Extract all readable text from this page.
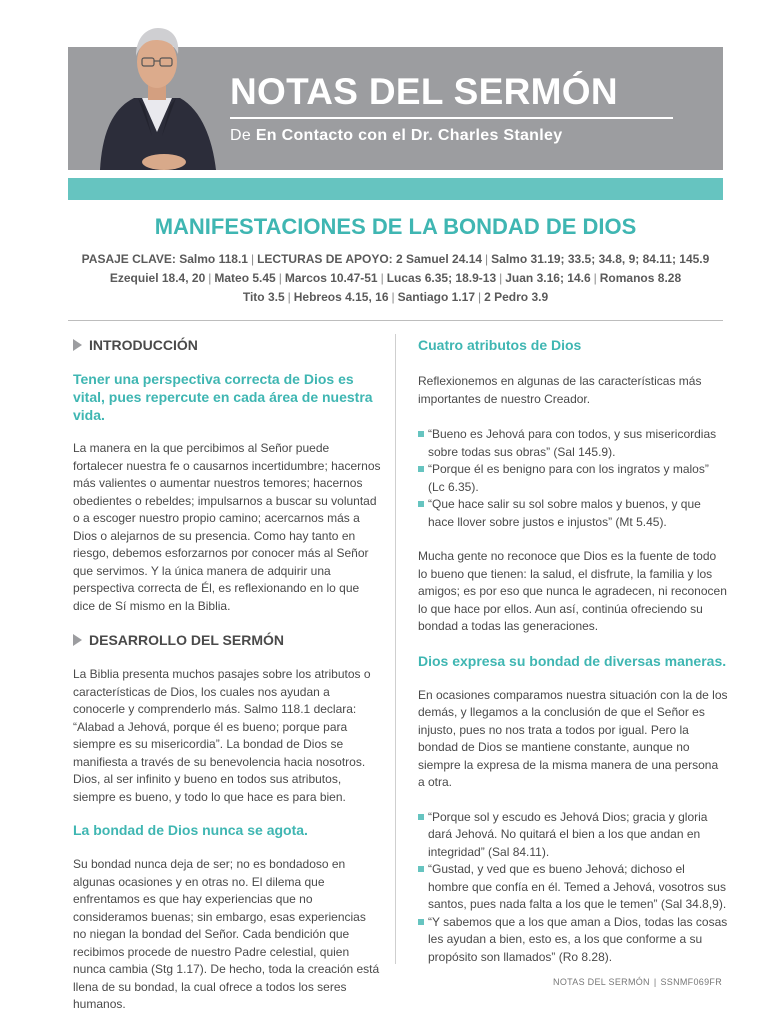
NOTAS DEL SERMÓN
De En Contacto con el Dr. Charles Stanley
MANIFESTACIONES DE LA BONDAD DE DIOS
PASAJE CLAVE: Salmo 118.1 | LECTURAS DE APOYO: 2 Samuel 24.14 | Salmo 31.19; 33.5; 34.8, 9; 84.11; 145.9
Ezequiel 18.4, 20 | Mateo 5.45 | Marcos 10.47-51 | Lucas 6.35; 18.9-13 | Juan 3.16; 14.6 | Romanos 8.28
Tito 3.5 | Hebreos 4.15, 16 | Santiago 1.17 | 2 Pedro 3.9
INTRODUCCIÓN
Tener una perspectiva correcta de Dios es vital, pues repercute en cada área de nuestra vida.

La manera en la que percibimos al Señor puede fortalecer nuestra fe o causarnos incertidumbre; hacernos más valientes o aumentar nuestros temores; hacernos obedientes o rebeldes; impulsarnos a buscar su voluntad o a escoger nuestro propio camino; acercarnos más a Dios o alejarnos de su presencia. Como hay tanto en riesgo, debemos esforzarnos por conocer más al Señor que servimos. Y la única manera de adquirir una perspectiva correcta de Él, es reflexionando en lo que dice de Sí mismo en la Biblia.

DESARROLLO DEL SERMÓN

La Biblia presenta muchos pasajes sobre los atributos o características de Dios, los cuales nos ayudan a conocerle y comprenderlo más. Salmo 118.1 declara: “Alabad a Jehová, porque él es bueno; porque para siempre es su misericordia”. La bondad de Dios se manifiesta a través de su benevolencia hacia nosotros. Dios, al ser infinito y bueno en todos sus atributos, siempre es bueno, y todo lo que hace es para bien.

La bondad de Dios nunca se agota.

Su bondad nunca deja de ser; no es bondadoso en algunas ocasiones y en otras no. El dilema que enfrentamos es que hay experiencias que no consideramos buenas; sin embargo, esas experiencias no niegan la bondad del Señor. Cada bendición que recibimos procede de nuestro Padre celestial, quien nunca cambia (Stg 1.17). De hecho, toda la creación está llena de su bondad, la cual ofrece a todos los seres humanos.

Cuatro atributos de Dios

Reflexionemos en algunas de las características más importantes de nuestro Creador.

“Bueno es Jehová para con todos, y sus misericordias sobre todas sus obras” (Sal 145.9).
“Porque él es benigno para con los ingratos y malos” (Lc 6.35).
“Que hace salir su sol sobre malos y buenos, y que hace llover sobre justos e injustos” (Mt 5.45).

Mucha gente no reconoce que Dios es la fuente de todo lo bueno que tienen: la salud, el disfrute, la familia y los amigos; es por eso que nunca le agradecen, ni reconocen lo que hace por ellos. Aun así, continúa ofreciendo su bondad a todas las generaciones.

Dios expresa su bondad de diversas maneras.

En ocasiones comparamos nuestra situación con la de los demás, y llegamos a la conclusión de que el Señor es injusto, pues no nos trata a todos por igual. Pero la bondad de Dios se mantiene constante, aunque no siempre la expresa de la misma manera de una persona a otra.

“Porque sol y escudo es Jehová Dios; gracia y gloria dará Jehová. No quitará el bien a los que andan en integridad” (Sal 84.11).
“Gustad, y ved que es bueno Jehová; dichoso el hombre que confía en él. Temed a Jehová, vosotros sus santos, pues nada falta a los que le temen” (Sal 34.8,9).
“Y sabemos que a los que aman a Dios, todas las cosas les ayudan a bien, esto es, a los que conforme a su propósito son llamados” (Ro 8.28).
NOTAS DEL SERMÓN | SSNMF069FR
